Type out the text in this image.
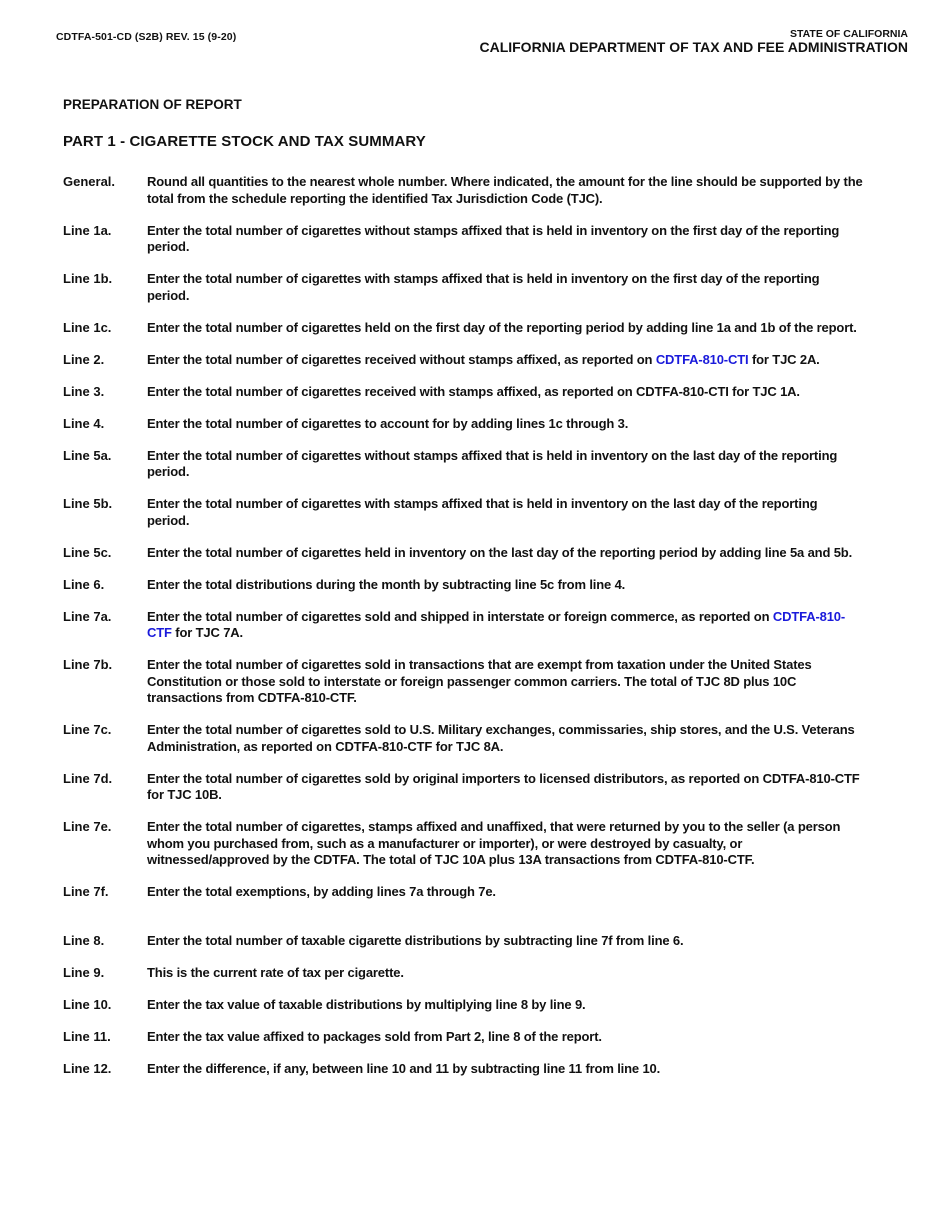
CDTFA-501-CD (S2B) REV. 15 (9-20)	STATE OF CALIFORNIA
CALIFORNIA DEPARTMENT OF TAX AND FEE ADMINISTRATION
PREPARATION OF REPORT
PART 1 - CIGARETTE STOCK AND TAX SUMMARY
General.	Round all quantities to the nearest whole number. Where indicated, the amount for the line should be supported by the total from the schedule reporting the identified Tax Jurisdiction Code (TJC).
Line 1a.	Enter the total number of cigarettes without stamps affixed that is held in inventory on the first day of the reporting period.
Line 1b.	Enter the total number of cigarettes with stamps affixed that is held in inventory on the first day of the reporting period.
Line 1c.	Enter the total number of cigarettes held on the first day of the reporting period by adding line 1a and 1b of the report.
Line 2.	Enter the total number of cigarettes received without stamps affixed, as reported on CDTFA-810-CTI for TJC 2A.
Line 3.	Enter the total number of cigarettes received with stamps affixed, as reported on CDTFA-810-CTI for TJC 1A.
Line 4.	Enter the total number of cigarettes to account for by adding lines 1c through 3.
Line 5a.	Enter the total number of cigarettes without stamps affixed that is held in inventory on the last day of the reporting period.
Line 5b.	Enter the total number of cigarettes with stamps affixed that is held in inventory on the last day of the reporting period.
Line 5c.	Enter the total number of cigarettes held in inventory on the last day of the reporting period by adding line 5a and 5b.
Line 6.	Enter the total distributions during the month by subtracting line 5c from line 4.
Line 7a.	Enter the total number of cigarettes sold and shipped in interstate or foreign commerce, as reported on CDTFA-810-CTF for TJC 7A.
Line 7b.	Enter the total number of cigarettes sold in transactions that are exempt from taxation under the United States Constitution or those sold to interstate or foreign passenger common carriers. The total of TJC 8D plus 10C transactions from CDTFA-810-CTF.
Line 7c.	Enter the total number of cigarettes sold to U.S. Military exchanges, commissaries, ship stores, and the U.S. Veterans Administration, as reported on CDTFA-810-CTF for TJC 8A.
Line 7d.	Enter the total number of cigarettes sold by original importers to licensed distributors, as reported on CDTFA-810-CTF for TJC 10B.
Line 7e.	Enter the total number of cigarettes, stamps affixed and unaffixed, that were returned by you to the seller (a person whom you purchased from, such as a manufacturer or importer), or were destroyed by casualty, or witnessed/approved by the CDTFA. The total of TJC 10A plus 13A transactions from CDTFA-810-CTF.
Line 7f.	Enter the total exemptions, by adding lines 7a through 7e.
Line 8.	Enter the total number of taxable cigarette distributions by subtracting line 7f from line 6.
Line 9.	This is the current rate of tax per cigarette.
Line 10.	Enter the tax value of taxable distributions by multiplying line 8 by line 9.
Line 11.	Enter the tax value affixed to packages sold from Part 2, line 8 of the report.
Line 12.	Enter the difference, if any, between line 10 and 11 by subtracting line 11 from line 10.
